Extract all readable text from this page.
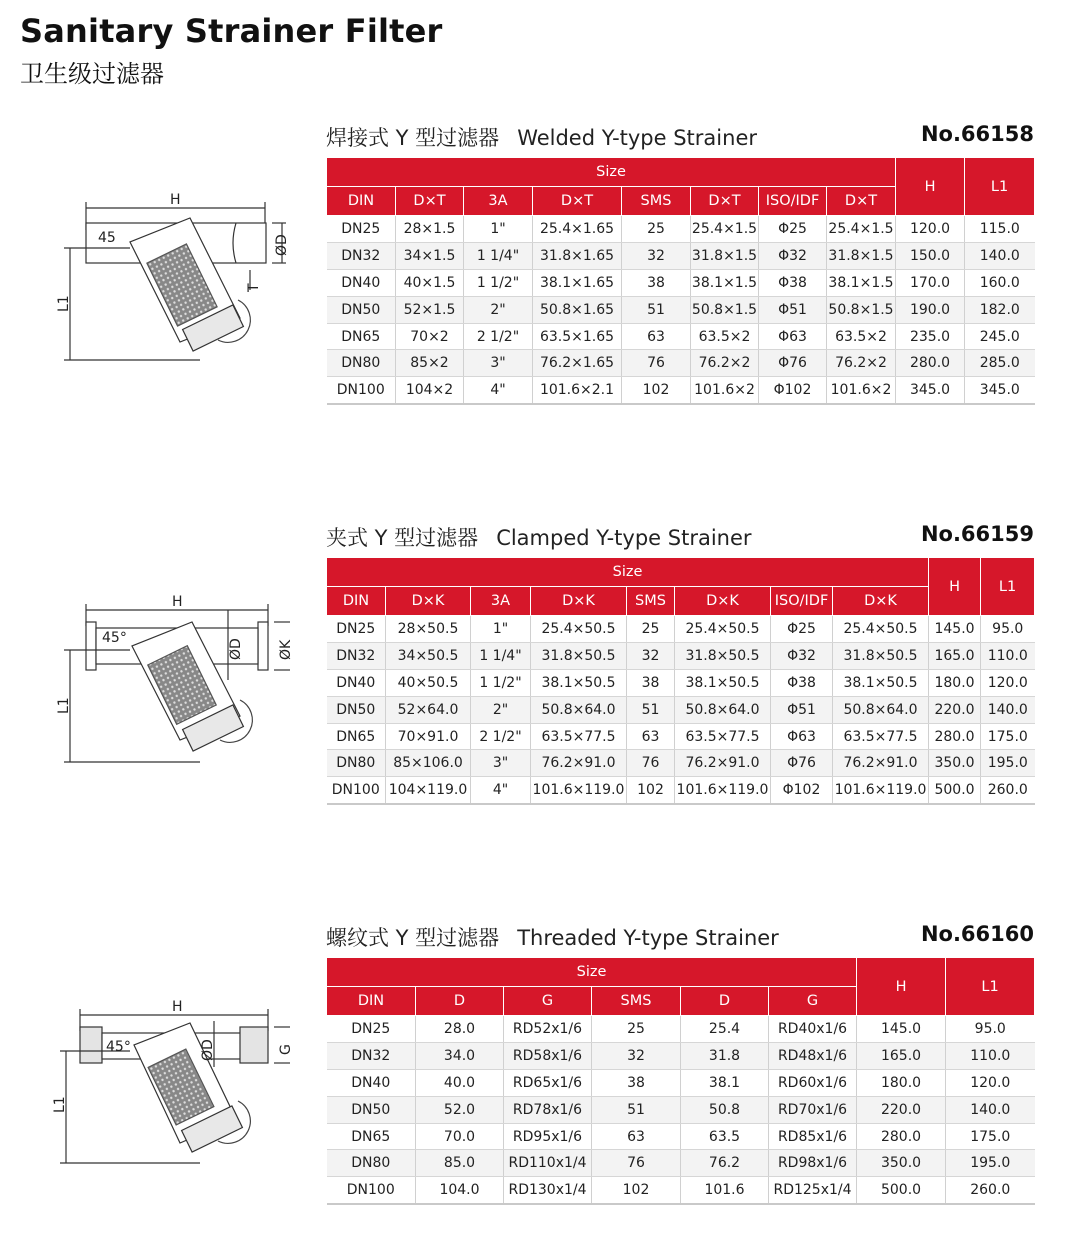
Sanitary Strainer Filter
卫生级过滤器
焊接式 Y 型过滤器 Welded Y-type Strainer	No.66158
H
L1
45	ØD
T
Size								H	L1
DIN	D×T	3A	D×T	SMS	D×T	ISO/IDF	D×T		
DN25	28×1.5	1"	25.4×1.65	25	25.4×1.5	Φ25	25.4×1.5	120.0	115.0
DN32	34×1.5	1 1/4"	31.8×1.65	32	31.8×1.5	Φ32	31.8×1.5	150.0	140.0
DN40	40×1.5	1 1/2"	38.1×1.65	38	38.1×1.5	Φ38	38.1×1.5	170.0	160.0
DN50	52×1.5	2"	50.8×1.65	51	50.8×1.5	Φ51	50.8×1.5	190.0	182.0
DN65	70×2	2 1/2"	63.5×1.65	63	63.5×2	Φ63	63.5×2	235.0	245.0
DN80	85×2	3"	76.2×1.65	76	76.2×2	Φ76	76.2×2	280.0	285.0
DN100	104×2	4"	101.6×2.1	102	101.6×2	Φ102	101.6×2	345.0	345.0
夹式 Y 型过滤器 Clamped Y-type Strainer	No.66159
H
L1
45°
ØD ØK
Size								H	L1
DIN	D×K	3A	D×K	SMS	D×K	ISO/IDF	D×K		
DN25	28×50.5	1"	25.4×50.5	25	25.4×50.5	Φ25	25.4×50.5	145.0	95.0
DN32	34×50.5	1 1/4"	31.8×50.5	32	31.8×50.5	Φ32	31.8×50.5	165.0	110.0
DN40	40×50.5	1 1/2"	38.1×50.5	38	38.1×50.5	Φ38	38.1×50.5	180.0	120.0
DN50	52×64.0	2"	50.8×64.0	51	50.8×64.0	Φ51	50.8×64.0	220.0	140.0
DN65	70×91.0	2 1/2"	63.5×77.5	63	63.5×77.5	Φ63	63.5×77.5	280.0	175.0
DN80	85×106.0	3"	76.2×91.0	76	76.2×91.0	Φ76	76.2×91.0	350.0	195.0
DN100	104×119.0	4"	101.6×119.0	102	101.6×119.0	Φ102	101.6×119.0	500.0	260.0
螺纹式 Y 型过滤器 Threaded Y-type Strainer	No.66160
H
L1
45°	ØD	G
Size						H	L1
DIN	D	G	SMS	D	G		
DN25	28.0	RD52x1/6	25	25.4	RD40x1/6	145.0	95.0
DN32	34.0	RD58x1/6	32	31.8	RD48x1/6	165.0	110.0
DN40	40.0	RD65x1/6	38	38.1	RD60x1/6	180.0	120.0
DN50	52.0	RD78x1/6	51	50.8	RD70x1/6	220.0	140.0
DN65	70.0	RD95x1/6	63	63.5	RD85x1/6	280.0	175.0
DN80	85.0	RD110x1/4	76	76.2	RD98x1/6	350.0	195.0
DN100	104.0	RD130x1/4	102	101.6	RD125x1/4	500.0	260.0
